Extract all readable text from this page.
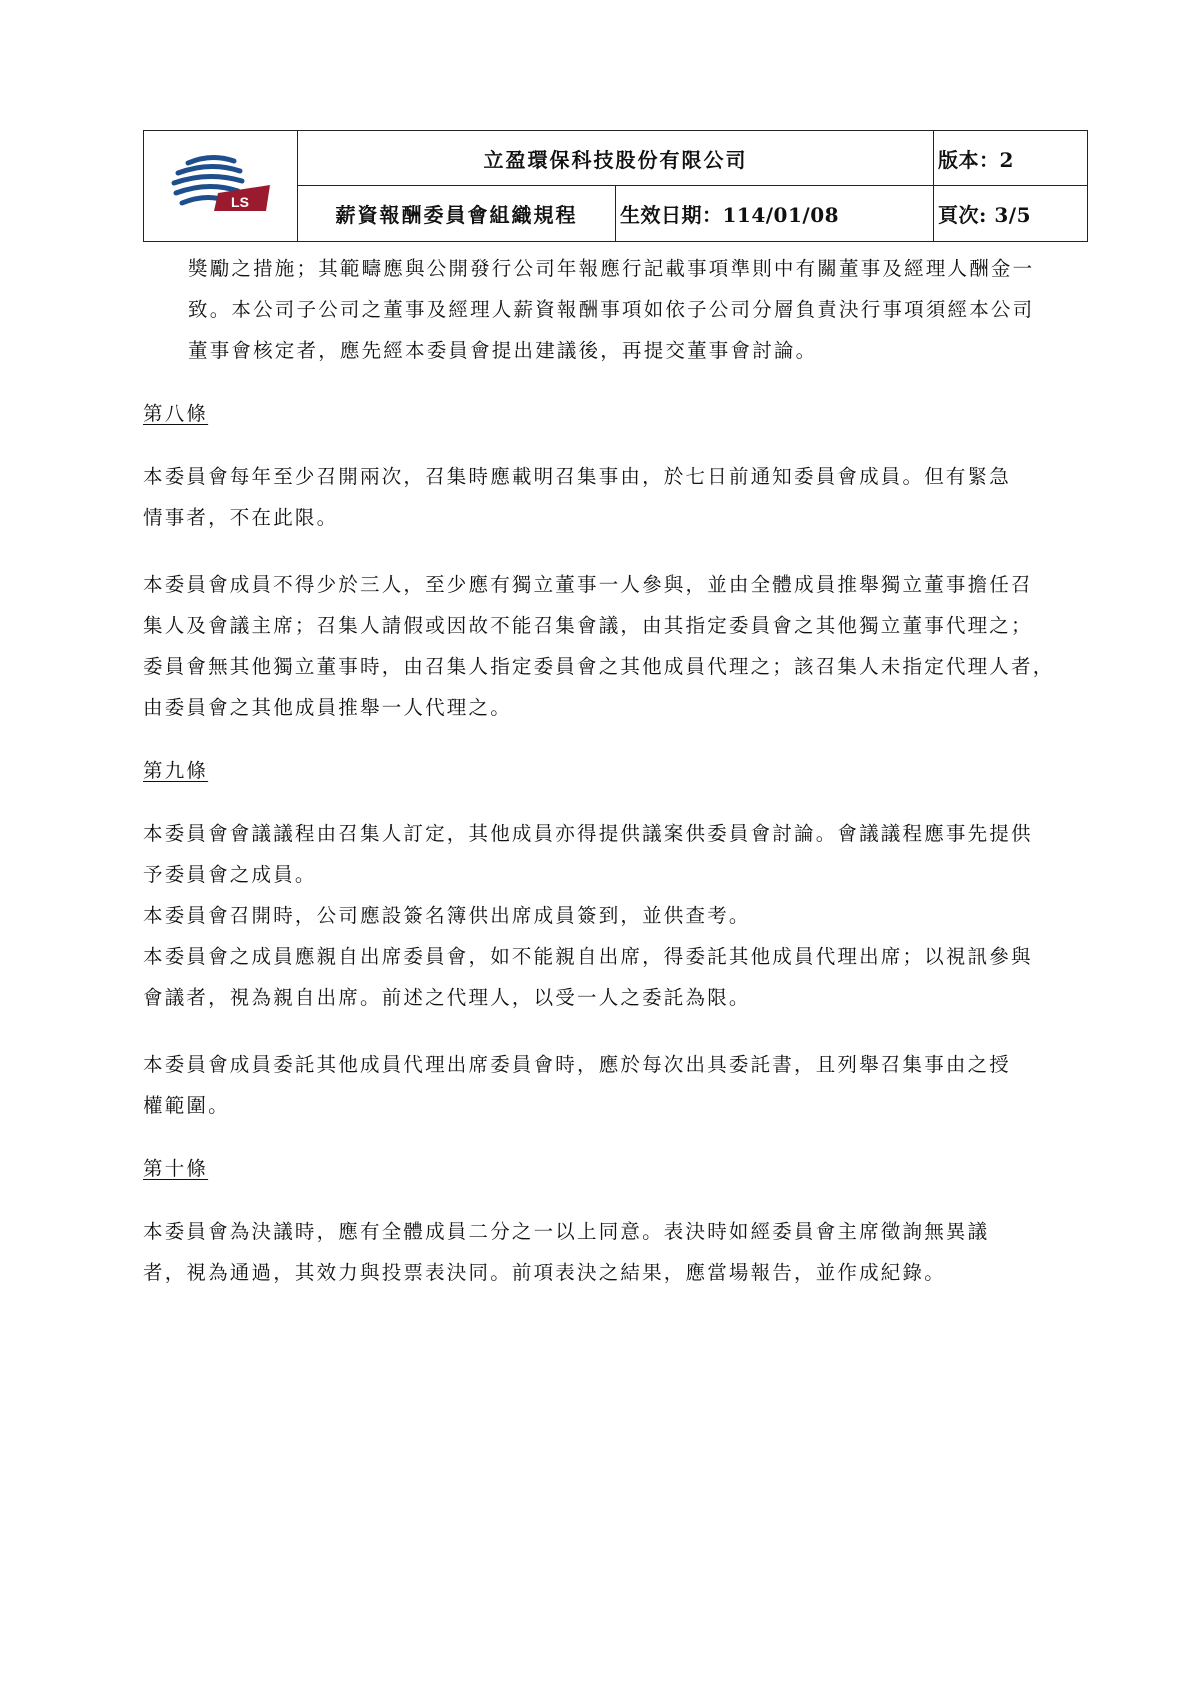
LS	立盈環保科技股份有限公司		版本：2
	薪資報酬委員會組織規程	生效日期：114/01/08	頁次: 3/5

獎勵之措施；其範疇應與公開發行公司年報應行記載事項準則中有關董事及經理人酬金一

致。本公司子公司之董事及經理人薪資報酬事項如依子公司分層負責決行事項須經本公司

董事會核定者，應先經本委員會提出建議後，再提交董事會討論。

第八條

本委員會每年至少召開兩次，召集時應載明召集事由，於七日前通知委員會成員。但有緊急

情事者，不在此限。

本委員會成員不得少於三人，至少應有獨立董事一人參與，並由全體成員推舉獨立董事擔任召

集人及會議主席；召集人請假或因故不能召集會議，由其指定委員會之其他獨立董事代理之；

委員會無其他獨立董事時，由召集人指定委員會之其他成員代理之；該召集人未指定代理人者，

由委員會之其他成員推舉一人代理之。

第九條

本委員會會議議程由召集人訂定，其他成員亦得提供議案供委員會討論。會議議程應事先提供

予委員會之成員。

本委員會召開時，公司應設簽名簿供出席成員簽到，並供查考。

本委員會之成員應親自出席委員會，如不能親自出席，得委託其他成員代理出席；以視訊參與

會議者，視為親自出席。前述之代理人，以受一人之委託為限。

本委員會成員委託其他成員代理出席委員會時，應於每次出具委託書，且列舉召集事由之授

權範圍。

第十條

本委員會為決議時，應有全體成員二分之一以上同意。表決時如經委員會主席徵詢無異議

者，視為通過，其效力與投票表決同。前項表決之結果，應當場報告，並作成紀錄。
